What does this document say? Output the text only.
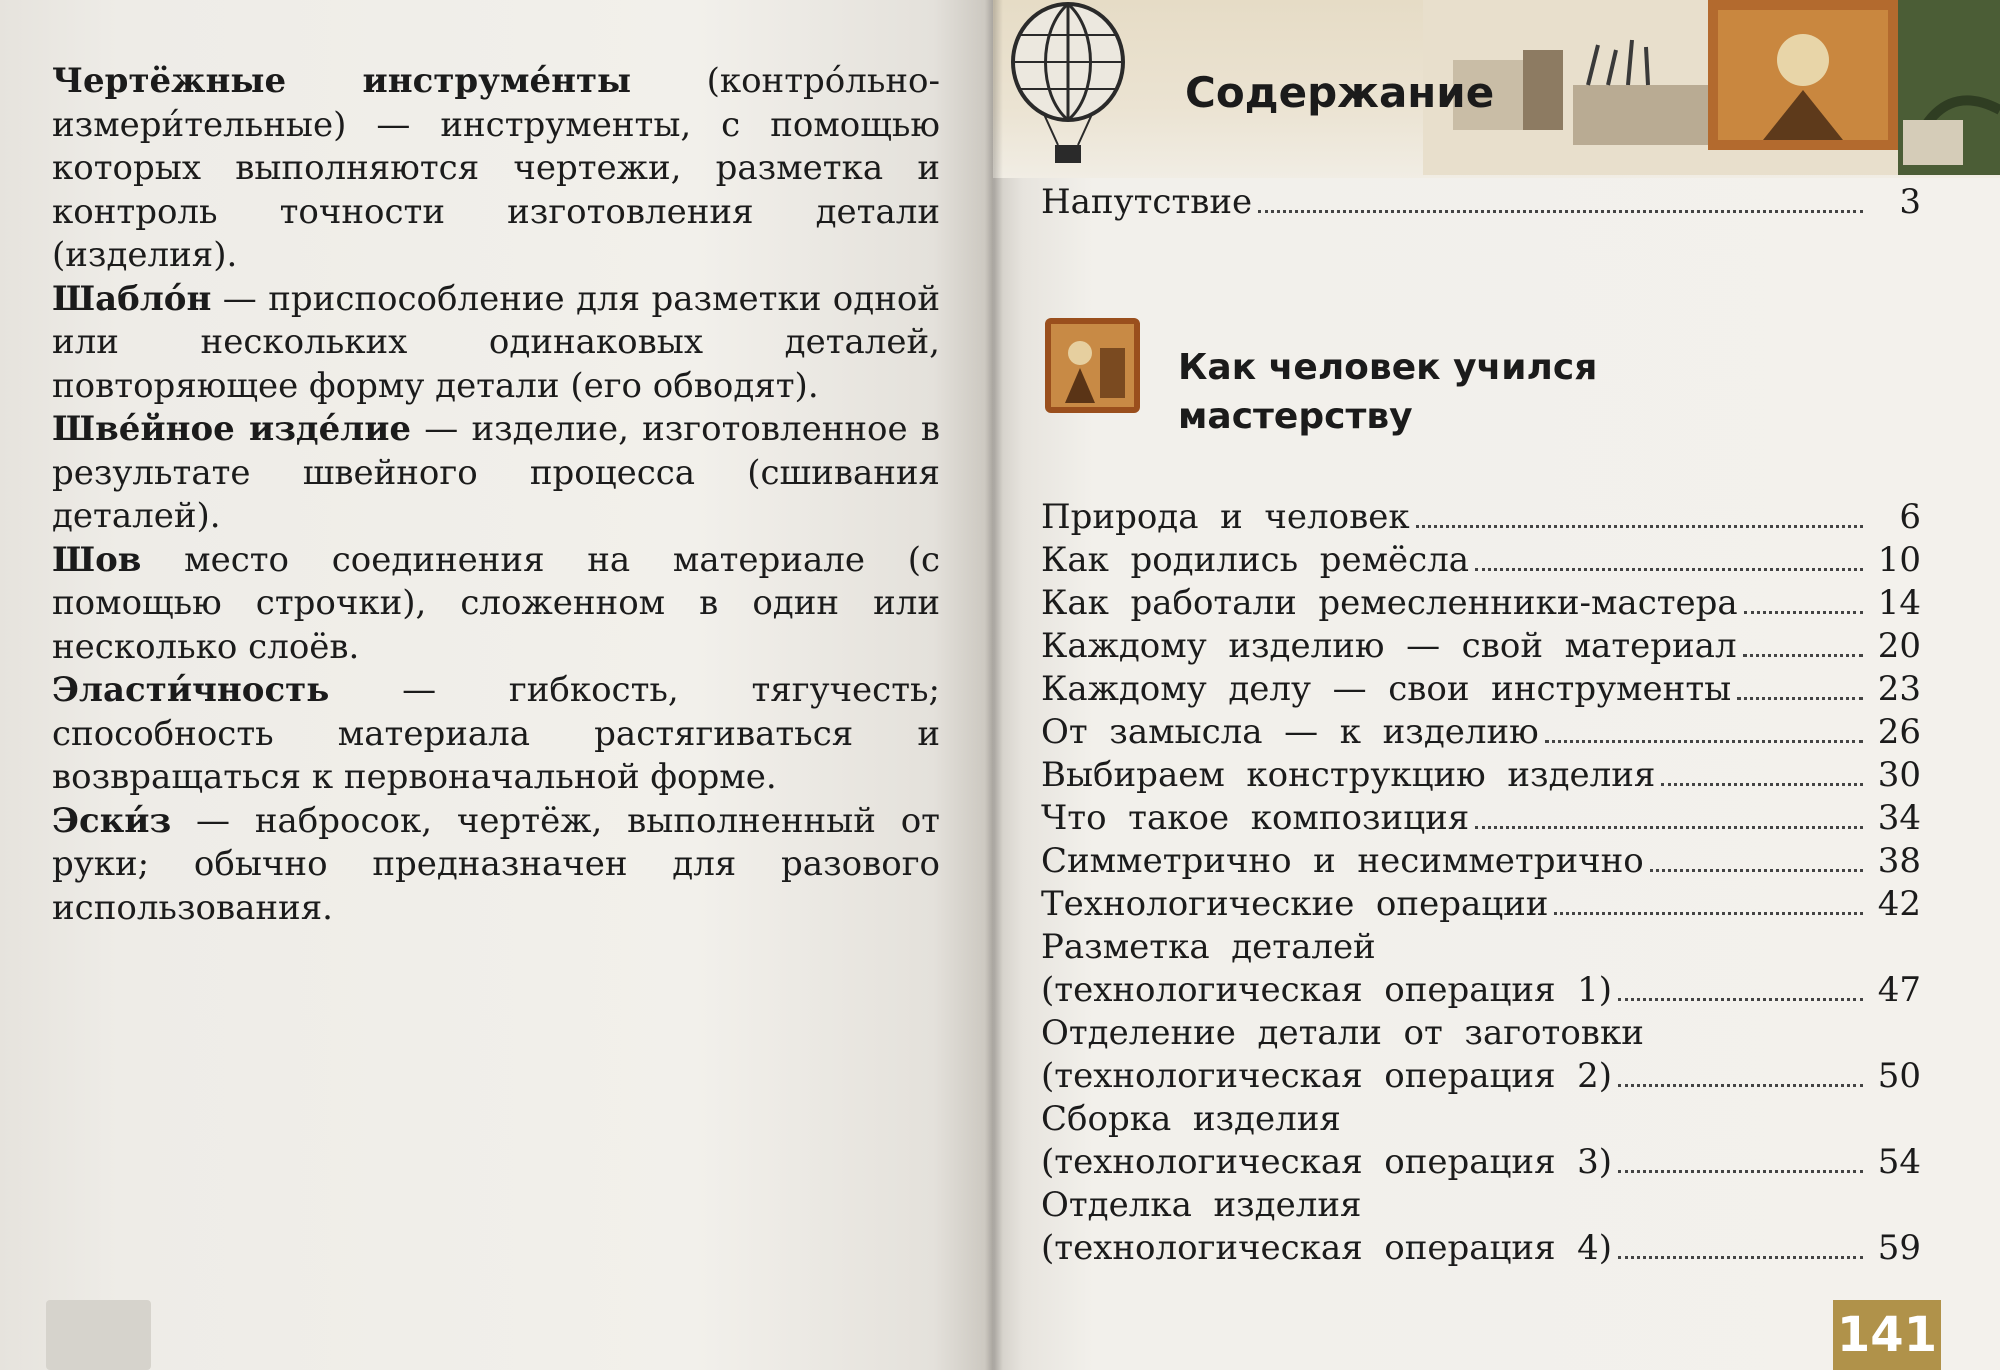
Чертёжные инструме́нты (контро́льно-измери́тельные) — инструменты, с помощью которых выполняются чертежи, разметка и контроль точности изготовления детали (изделия).

Шабло́н — приспособление для разметки одной или нескольких одинаковых деталей, повторяющее форму детали (его обводят).

Шве́йное изде́лие — изделие, изготовленное в результате швейного процесса (сшивания деталей).

Шов место соединения на материале (с помощью строчки), сложенном в один или несколько слоёв.

Эласти́чность — гибкость, тягучесть; способность материала растягиваться и возвращаться к первоначальной форме.

Эски́з — набросок, чертёж, выполненный от руки; обычно предназначен для разового использования.

Содержание
Напутствие	3
Как человек учился
мастерству
Природа  и  человек	6
Как  родились  ремёсла	10
Как  работали  ремесленники-мастера	14
Каждому  изделию  —  свой  материал	20
Каждому  делу  —  свои  инструменты	23
От  замысла  —  к  изделию	26
Выбираем  конструкцию  изделия	30
Что  такое  композиция	34
Симметрично  и  несимметрично	38
Технологические  операции	42
Разметка  деталей
(технологическая  операция  1)	47
Отделение  детали  от  заготовки
(технологическая  операция  2)	50
Сборка  изделия
(технологическая  операция  3)	54
Отделка  изделия
(технологическая  операция  4)	59
141
